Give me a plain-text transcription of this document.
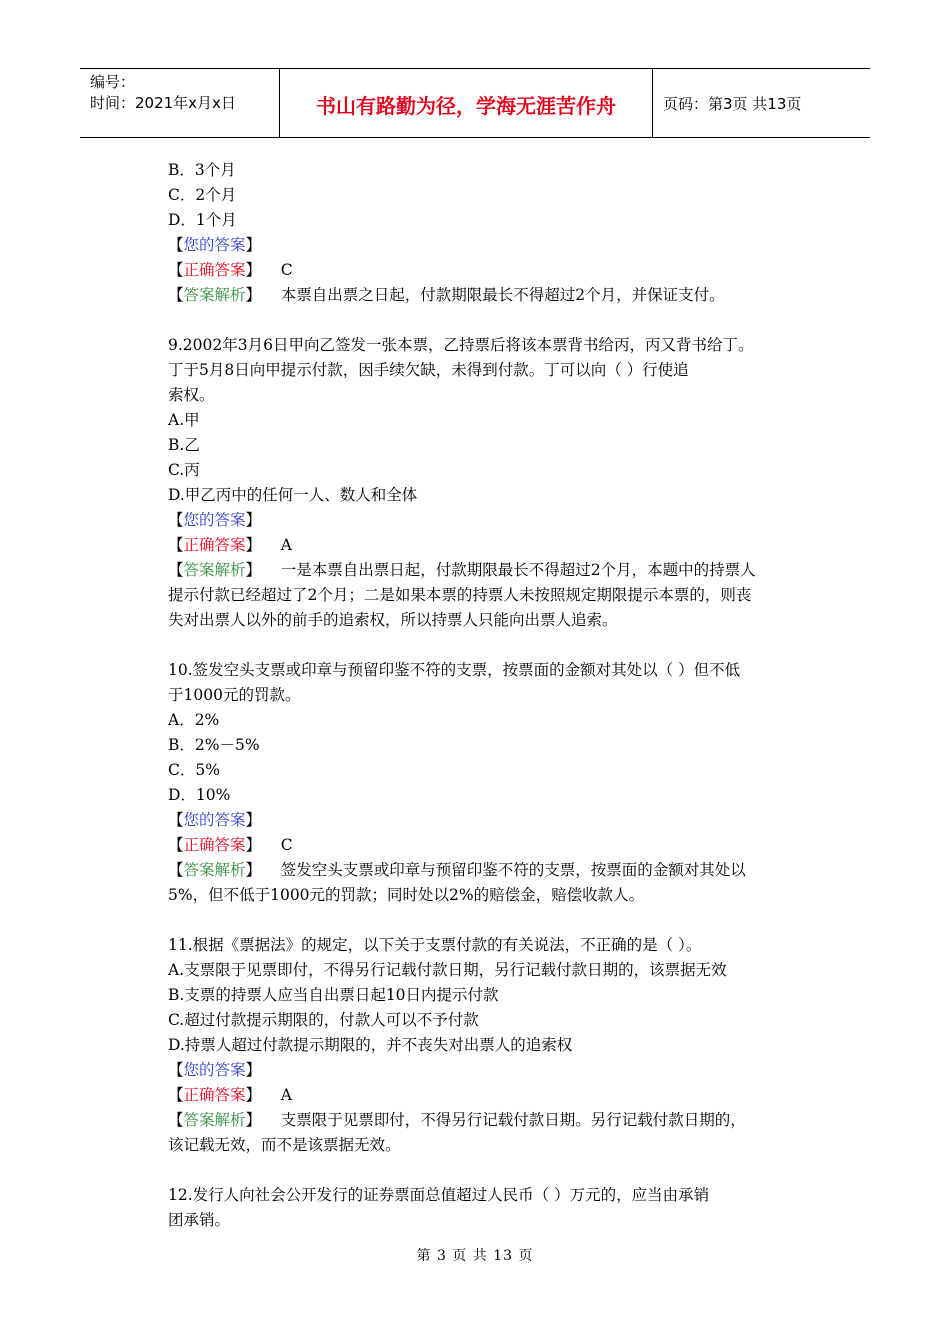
编号：
时间：2021年x月x日	书山有路勤为径，学海无涯苦作舟	页码：第3页 共13页
B．3个月
C．2个月
D．1个月
【您的答案】
【正确答案】 C
【答案解析】 本票自出票之日起，付款期限最长不得超过2个月，并保证支付。
9.2002年3月6日甲向乙签发一张本票，乙持票后将该本票背书给丙，丙又背书给丁。
丁于5月8日向甲提示付款，因手续欠缺，未得到付款。丁可以向（ ）行使追
索权。
A.甲
B.乙
C.丙
D.甲乙丙中的任何一人、数人和全体
【您的答案】
【正确答案】 A
【答案解析】 一是本票自出票日起，付款期限最长不得超过2个月，本题中的持票人
提示付款已经超过了2个月；二是如果本票的持票人未按照规定期限提示本票的，则丧
失对出票人以外的前手的追索权，所以持票人只能向出票人追索。
10.签发空头支票或印章与预留印鉴不符的支票，按票面的金额对其处以（ ）但不低
于1000元的罚款。
A．2%
B．2%－5%
C．5%
D．10%
【您的答案】
【正确答案】 C
【答案解析】 签发空头支票或印章与预留印鉴不符的支票，按票面的金额对其处以
5%，但不低于1000元的罚款；同时处以2%的赔偿金，赔偿收款人。
11.根据《票据法》的规定，以下关于支票付款的有关说法，不正确的是（ ）。
A.支票限于见票即付，不得另行记载付款日期，另行记载付款日期的，该票据无效
B.支票的持票人应当自出票日起10日内提示付款
C.超过付款提示期限的，付款人可以不予付款
D.持票人超过付款提示期限的，并不丧失对出票人的追索权
【您的答案】
【正确答案】 A
【答案解析】 支票限于见票即付，不得另行记载付款日期。另行记载付款日期的，
该记载无效，而不是该票据无效。
12.发行人向社会公开发行的证券票面总值超过人民币（ ）万元的，应当由承销
团承销。
第 3 页 共 13 页
